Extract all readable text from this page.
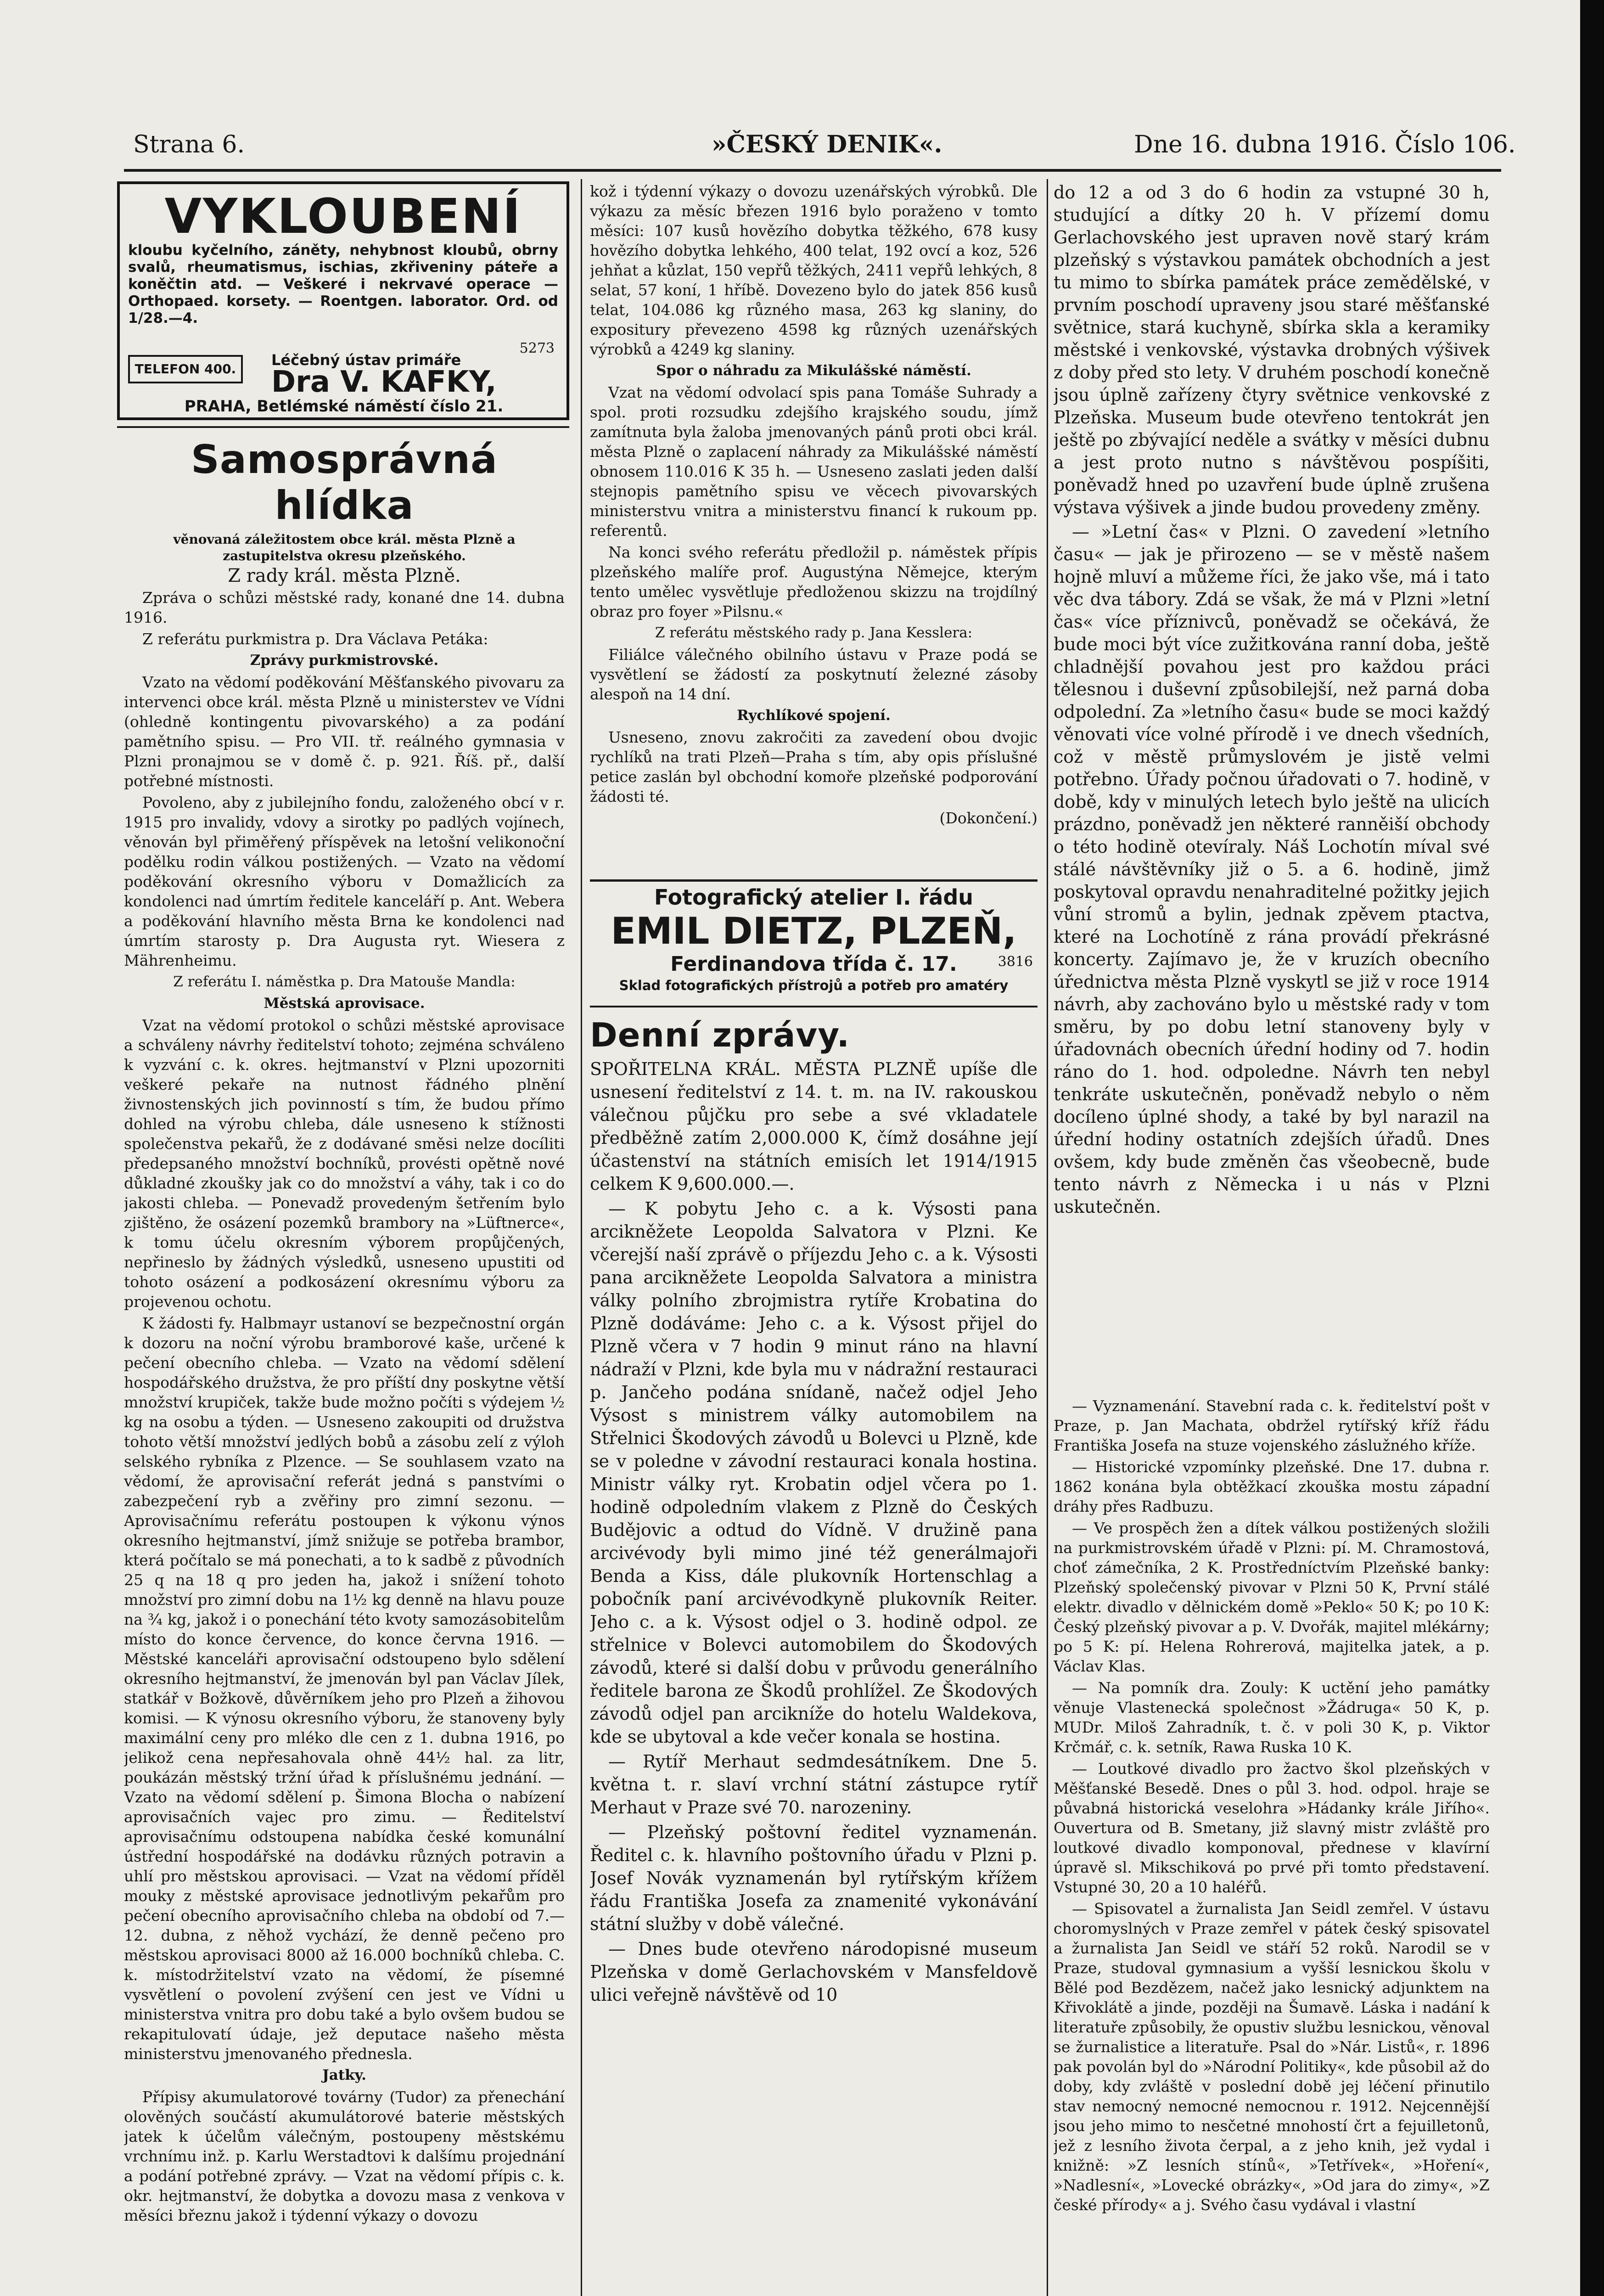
Strana 6.	»ČESKÝ DENIK«.	Dne 16. dubna 1916. Číslo 106.
VYKLOUBENÍ
kloubu kyčelního, záněty, nehybnost kloubů, obrny svalů, rheumatismus, ischias, zkřiveniny páteře a koněčtin atd. — Veškeré i nekrvavé operace — Orthopaed. korsety. — Roentgen. laborator. Ord. od 1/28.—4.
5273
TELEFON 400.
Léčebný ústav primáře
Dra V. KAFKY,
PRAHA, Betlémské náměstí číslo 21.
Samosprávná hlídka

věnovaná záležitostem obce král. města Plzně a zastupitelstva okresu plzeňského.

Z rady král. města Plzně.

Zpráva o schůzi městské rady, konané dne 14. dubna 1916.

Z referátu purkmistra p. Dra Václava Petáka:

Zprávy purkmistrovské.

Vzato na vědomí poděkování Měšťanského pivovaru za intervenci obce král. města Plzně u ministerstev ve Vídni (ohledně kontingentu pivovarského) a za podání pamětního spisu. — Pro VII. tř. reálného gymnasia v Plzni pronajmou se v domě č. p. 921. Říš. př., další potřebné místnosti.

Povoleno, aby z jubilejního fondu, založeného obcí v r. 1915 pro invalidy, vdovy a sirotky po padlých vojínech, věnován byl přiměřený příspěvek na letošní velikonoční podělku rodin válkou postižených. — Vzato na vědomí poděkování okresního výboru v Domažlicích za kondolenci nad úmrtím ředitele kanceláří p. Ant. Webera a poděkování hlavního města Brna ke kondolenci nad úmrtím starosty p. Dra Augusta ryt. Wiesera z Mährenheimu.

Z referátu I. náměstka p. Dra Matouše Mandla:

Městská aprovisace.

Vzat na vědomí protokol o schůzi městské aprovisace a schváleny návrhy ředitelství tohoto; zejména schváleno k vyzvání c. k. okres. hejtmanství v Plzni upozorniti veškeré pekaře na nutnost řádného plnění živnostenských jich povinností s tím, že budou přímo dohled na výrobu chleba, dále usneseno k stížnosti společenstva pekařů, že z dodávané směsi nelze docíliti předepsaného množství bochníků, provésti opětně nové důkladné zkoušky jak co do množství a váhy, tak i co do jakosti chleba. — Ponevadž provedeným šetřením bylo zjištěno, že osázení pozemků brambory na »Lüftnerce«, k tomu účelu okresním výborem propůjčených, nepřineslo by žádných výsledků, usneseno upustiti od tohoto osázení a podkosázení okresnímu výboru za projevenou ochotu.

K žádosti fy. Halbmayr ustanoví se bezpečnostní orgán k dozoru na noční výrobu bramborové kaše, určené k pečení obecního chleba. — Vzato na vědomí sdělení hospodářského družstva, že pro příští dny poskytne větší množství krupiček, takže bude možno počíti s výdejem ½ kg na osobu a týden. — Usneseno zakoupiti od družstva tohoto větší množství jedlých bobů a zásobu zelí z výloh selského rybníka z Plzence. — Se souhlasem vzato na vědomí, že aprovisační referát jedná s panstvími o zabezpečení ryb a zvěřiny pro zimní sezonu. — Aprovisačnímu referátu postoupen k výkonu výnos okresního hejtmanství, jímž snižuje se potřeba brambor, která počítalo se má ponechati, a to k sadbě z původních 25 q na 18 q pro jeden ha, jakož i snížení tohoto množství pro zimní dobu na 1½ kg denně na hlavu pouze na ¾ kg, jakož i o ponechání této kvoty samozásobitelům místo do konce července, do konce června 1916. — Městské kanceláři aprovisační odstoupeno bylo sdělení okresního hejtmanství, že jmenován byl pan Václav Jílek, statkář v Božkově, důvěrníkem jeho pro Plzeň a žihovou komisi. — K výnosu okresního výboru, že stanoveny byly maximální ceny pro mléko dle cen z 1. dubna 1916, po jelikož cena nepřesahovala ohně 44½ hal. za litr, poukázán městský tržní úřad k příslušnému jednání. — Vzato na vědomí sdělení p. Šimona Blocha o nabízení aprovisačních vajec pro zimu. — Ředitelství aprovisačnímu odstoupena nabídka české komunální ústřední hospodářské na dodávku různých potravin a uhlí pro městskou aprovisaci. — Vzat na vědomí příděl mouky z městské aprovisace jednotlivým pekařům pro pečení obecního aprovisačního chleba na období od 7.—12. dubna, z něhož vychází, že denně pečeno pro městskou aprovisaci 8000 až 16.000 bochníků chleba. C. k. místodržitelství vzato na vědomí, že písemné vysvětlení o povolení zvýšení cen jest ve Vídni u ministerstva vnitra pro dobu také a bylo ovšem budou se rekapitulovatí údaje, jež deputace našeho města ministerstvu jmenovaného předneslа.

Jatky.

Přípisy akumulatorové továrny (Tudor) za přenechání olověných součástí akumulátorové baterie městských jatek k účelům válečným, postoupeny městskému vrchnímu inž. p. Karlu Werstadtovi k dalšímu projednání a podání potřebné zprávy. — Vzat na vědomí přípis c. k. okr. hejtmanství, že dobytka a dovozu masa z venkova v měsíci březnu jakož i týdenní výkazy o dovozu

kož i týdenní výkazy o dovozu uzenářských výrobků. Dle výkazu za měsíc březen 1916 bylo poraženo v tomto měsíci: 107 kusů hovězího dobytka těžkého, 678 kusy hovězího dobytka lehkého, 400 telat, 192 ovcí a koz, 526 jehňat a kůzlat, 150 vepřů těžkých, 2411 vepřů lehkých, 8 selat, 57 koní, 1 hříbě. Dovezeno bylo do jatek 856 kusů telat, 104.086 kg různého masa, 263 kg slaniny, do expositury převezeno 4598 kg různých uzenářských výrobků a 4249 kg slaniny.

Spor o náhradu za Mikulášské náměstí.

Vzat na vědomí odvolací spis pana Tomáše Suhrady a spol. proti rozsudku zdejšího krajského soudu, jímž zamítnuta byla žaloba jmenovaných pánů proti obci král. města Plzně o zaplacení náhrady za Mikulášské náměstí obnosem 110.016 K 35 h. — Usneseno zaslati jeden další stejnopis pamětního spisu ve věcech pivovarských ministerstvu vnitra a ministerstvu financí k rukoum pp. referentů.

Na konci svého referátu předložil p. náměstek přípis plzeňského malíře prof. Augustýna Němejce, kterým tento umělec vysvětluje předloženou skizzu na trojdílný obraz pro foyer »Pilsnu.«

Z referátu městského rady p. Jana Kesslera:

Filiálce válečného obilního ústavu v Praze podá se vysvětlení se žádostí za poskytnutí železné zásoby alespoň na 14 dní.

Rychlíkové spojení.

Usneseno, znovu zakročiti za zavedení obou dvojic rychlíků na trati Plzeň—Praha s tím, aby opis příslušné petice zaslán byl obchodní komoře plzeňské podporování žádosti té.

(Dokončení.)

Fotografický atelier I. řádu
EMIL DIETZ, PLZEŇ,
Ferdinandova třída č. 17.	3816
Sklad fotografických přístrojů a potřeb pro amatéry
Denní zprávy.

SPOŘITELNA KRÁL. MĚSTA PLZNĚ upíše dle usnesení ředitelství z 14. t. m. na IV. rakouskou válečnou půjčku pro sebe a své vkladatele předběžně zatím 2,000.000 K, čímž dosáhne její účastenství na státních emisích let 1914/1915 celkem K 9,600.000.—.

— K pobytu Jeho c. a k. Výsosti pana arcikněžete Leopolda Salvatora v Plzni. Ke včerejší naší zprávě o příjezdu Jeho c. a k. Výsosti pana arcikněžete Leopolda Salvatora a ministra války polního zbrojmistra rytíře Krobatina do Plzně dodáváme: Jeho c. a k. Výsost přijel do Plzně včera v 7 hodin 9 minut ráno na hlavní nádraží v Plzni, kde byla mu v nádražní restauraci p. Jančeho podána snídaně, načež odjel Jeho Výsost s ministrem války automobilem na Střelnici Škodových závodů u Bolevci u Plzně, kde se v poledne v závodní restauraci konala hostina. Ministr války ryt. Krobatin odjel včera po 1. hodině odpoledním vlakem z Plzně do Českých Budějovic a odtud do Vídně. V družině pana arcivévody byli mimo jiné též generálmajoři Benda a Kiss, dále plukovník Hortenschlag a pobočník paní arcivévodkyně plukovník Reiter. Jeho c. a k. Výsost odjel o 3. hodině odpol. ze střelnice v Bolevci automobilem do Škodových závodů, které si další dobu v průvodu generálního ředitele barona ze Škodů prohlížel. Ze Škodových závodů odjel pan arcikníže do hotelu Waldekova, kde se ubytoval a kde večer konala se hostina.

— Rytíř Merhaut sedmdesátníkem. Dne 5. května t. r. slaví vrchní státní zástupce rytíř Merhaut v Praze své 70. narozeniny.

— Plzeňský poštovní ředitel vyznamenán. Ředitel c. k. hlavního poštovního úřadu v Plzni p. Josef Novák vyznamenán byl rytířským křížem řádu Františka Josefa za znamenité vykonávání státní služby v době válečné.

— Dnes bude otevřeno národopisné museum Plzeňska v domě Gerlachovském v Mansfeldově ulici veřejně návštěvě od 10

do 12 a od 3 do 6 hodin za vstupné 30 h, studující a dítky 20 h. V přízemí domu Gerlachovského jest upraven nově starý krám plzeňský s výstavkou památek obchodních a jest tu mimo to sbírka památek práce zemědělské, v prvním poschodí upraveny jsou staré měšťanské světnice, stará kuchyně, sbírka skla a keramiky městské i venkovské, výstavka drobných výšivek z doby před sto lety. V druhém poschodí konečně jsou úplně zařízeny čtyry světnice venkovské z Plzeňska. Museum bude otevřeno tentokrát jen ještě po zbývající neděle a svátky v měsíci dubnu a jest proto nutno s návštěvou pospíšiti, poněvadž hned po uzavření bude úplně zrušena výstava výšivek a jinde budou provedeny změny.

— »Letní čas« v Plzni. O zavedení »letního času« — jak je přirozeno — se v městě našem hojně mluví a můžeme říci, že jako vše, má i tato věc dva tábory. Zdá se však, že má v Plzni »letní čas« více příznivců, poněvadž se očekává, že bude moci být více zužitkována ranní doba, ještě chladnější povahou jest pro každou práci tělesnou i duševní způsobilejší, než parná doba odpolední. Za »letního času« bude se moci každý věnovati více volné přírodě i ve dnech všedních, což v městě průmyslovém je jistě velmi potřebno. Úřady počnou úřadovati o 7. hodině, v době, kdy v minulých letech bylo ještě na ulicích prázdno, poněvadž jen některé ranněiší obchody o této hodině otevíraly. Náš Lochotín míval své stálé návštěvníky již o 5. a 6. hodině, jimž poskytoval opravdu nenahraditelné požitky jejich vůní stromů a bylin, jednak zpěvem ptactva, které na Lochotíně z rána provádí překrásné koncerty. Zajímavo je, že v kruzích obecního úřednictva města Plzně vyskytl se již v roce 1914 návrh, aby zachováno bylo u městské rady v tom směru, by po dobu letní stanoveny byly v úřadovnách obecních úřední hodiny od 7. hodin ráno do 1. hod. odpoledne. Návrh ten nebyl tenkráte uskutečněn, poněvadž nebylo o něm docíleno úplné shody, a také by byl narazil na úřední hodiny ostatních zdejších úřadů. Dnes ovšem, kdy bude změněn čas všeobecně, bude tento návrh z Německa i u nás v Plzni uskutečněn.

— Vyznamenání. Stavební rada c. k. ředitelství pošt v Praze, p. Jan Machata, obdržel rytířský kříž řádu Františka Josefa na stuze vojenského záslužného kříže.

— Historické vzpomínky plzeňské. Dne 17. dubna r. 1862 konána byla obtěžkací zkouška mostu západní dráhy přes Radbuzu.

— Ve prospěch žen a dítek válkou postižených složili na purkmistrovském úřadě v Plzni: pí. M. Chramostová, choť zámečníka, 2 K. Prostředníctvím Plzeňské banky: Plzeňský společenský pivovar v Plzni 50 K, První stálé elektr. divadlo v dělnickém domě »Peklo« 50 K; po 10 K: Český plzeňský pivovar a p. V. Dvořák, majitel mlékárny; po 5 K: pí. Helena Rohrerová, majitelka jatek, a p. Václav Klas.

— Na pomník dra. Zouly: K uctění jeho památky věnuje Vlastenecká společnost »Žádruga« 50 K, p. MUDr. Miloš Zahradník, t. č. v poli 30 K, p. Viktor Krčmář, c. k. setník, Rawa Ruska 10 K.

— Loutkové divadlo pro žactvo škol plzeňských v Měšťanské Besedě. Dnes o půl 3. hod. odpol. hraje se půvabná historická veselohra »Hádanky krále Jiřího«. Ouvertura od B. Smetany, již slavný mistr zvláště pro loutkové divadlo komponoval, přednese v klavírní úpravě sl. Mikschiková po prvé při tomto představení. Vstupné 30, 20 a 10 haléřů.

— Spisovatel a žurnalista Jan Seidl zemřel. V ústavu choromyslných v Praze zemřel v pátek český spisovatel a žurnalista Jan Seidl ve stáří 52 roků. Narodil se v Praze, studoval gymnasium a vyšší lesnickou školu v Bělé pod Bezdězem, načež jako lesnický adjunktem na Křivoklátě a jinde, později na Šumavě. Láska i nadání k literatuře způsobily, že opustiv službu lesnickou, věnoval se žurnalistice a literatuře. Psal do »Nár. Listů«, r. 1896 pak povolán byl do »Národní Politiky«, kde působil až do doby, kdy zvláště v poslední době jej léčení přinutilo stav nemocný nemocné nemocnou r. 1912. Nejcennější jsou jeho mimo to nesčetné mnohostí črt a fejuilletonů, jež z lesního života čerpal, a z jeho knih, jež vydal i knižně: »Z lesních stínů«, »Tetřívek«, »Hoření«, »Nadlesní«, »Lovecké obrázky«, »Od jara do zimy«, »Z české přírody« a j. Svého času vydával i vlastní
